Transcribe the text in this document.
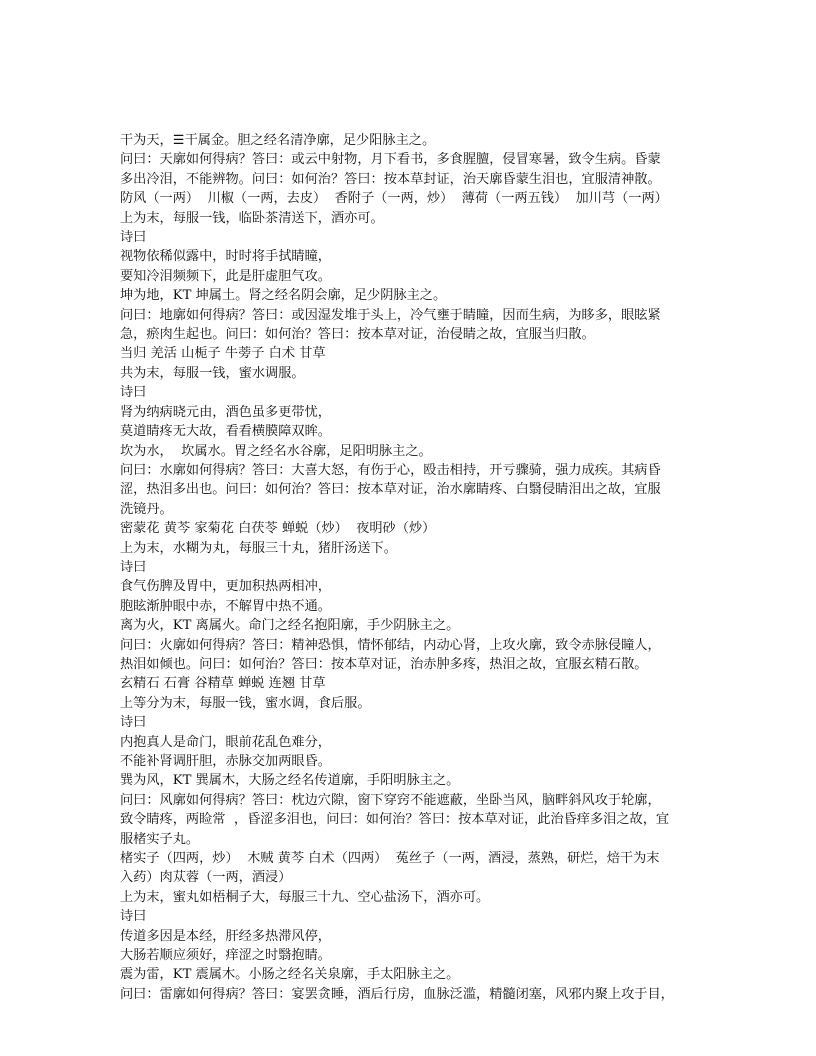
干为天，☰干属金。胆之经名清净廓，足少阳脉主之。

问曰：天廓如何得病？答曰：或云中射物，月下看书，多食腥膻，侵冒寒暑，致令生病。昏蒙

多出冷泪，不能辨物。问曰：如何治？答曰：按本草封证，治天廓昏蒙生泪也，宜服清神散。

防风（一两）  川椒（一两，去皮）  香附子（一两，炒）  薄荷（一两五钱）  加川芎（一两）

上为末，每服一钱，临卧茶清送下，酒亦可。

诗曰

视物依稀似露中，时时将手拭睛瞳，

要知冷泪频频下，此是肝虚胆气攻。

坤为地，KT 坤属土。肾之经名阴会廓，足少阴脉主之。

问曰：地廓如何得病？答曰：或因湿发堆于头上，冷气壅于睛瞳，因而生病，为眵多，眼眩紧

急，瘀肉生起也。问曰：如何治？答曰：按本草对证，治侵睛之故，宜服当归散。

当归 羌活 山栀子 牛蒡子 白术 甘草

共为末，每服一钱，蜜水调服。

诗曰

肾为纳病晓元由，酒色虽多更带忧，

莫道睛疼无大故，看看横膜障双眸。

坎为水，  坎属水。胃之经名水谷廓，足阳明脉主之。

问曰：水廓如何得病？答曰：大喜大怒，有伤于心，殴击相持，开亏骤骑，强力成疾。其病昏

涩，热泪多出也。问曰：如何治？答曰：按本草对证，治水廓睛疼、白翳侵睛泪出之故，宜服

洗镜丹。

密蒙花 黄芩 家菊花 白茯苓 蝉蜕（炒）  夜明砂（炒）

上为末，水糊为丸，每服三十丸，猪肝汤送下。

诗曰

食气伤脾及胃中，更加积热两相冲，

胞眩渐肿眼中赤，不解胃中热不通。

离为火，KT 离属火。命门之经名抱阳廓，手少阴脉主之。

问曰：火廓如何得病？答曰：精神恐惧，情怀郁结，内动心肾，上攻火廓，致令赤脉侵瞳人，

热泪如倾也。问曰：如何治？答曰：按本草对证，治赤肿多疼，热泪之故，宜服玄精石散。

玄精石 石膏 谷精草 蝉蜕 连翘 甘草

上等分为末，每服一钱，蜜水调，食后服。

诗曰

内抱真人是命门，眼前花乱色难分，

不能补肾调肝胆，赤脉交加两眼昏。

巽为风，KT 巽属木，大肠之经名传道廓，手阳明脉主之。

问曰：风廓如何得病？答曰：枕边穴隙，窗下穿窍不能遮蔽，坐卧当风，脑畔斜风攻于轮廓，

致令睛疼，两睑常  ，昏涩多泪也，问曰：如何治？答曰：按本草对证，此治昏痒多泪之故，宜

服楮实子丸。

楮实子（四两，炒）  木贼 黄芩 白术（四两）  菟丝子（一两，酒浸，蒸熟，研烂，焙干为末

入药）肉苁蓉（一两，酒浸）

上为末，蜜丸如梧桐子大，每服三十九、空心盐汤下，酒亦可。

诗曰

传道多因是本经，肝经多热滞风停，

大肠若顺应须好，痒涩之时翳抱睛。

震为雷，KT 震属木。小肠之经名关泉廓，手太阳脉主之。

问曰：雷廓如何得病？答曰：宴罢贪睡，酒后行房，血脉泛滥，精髓闭塞，风邪内聚上攻于目，
